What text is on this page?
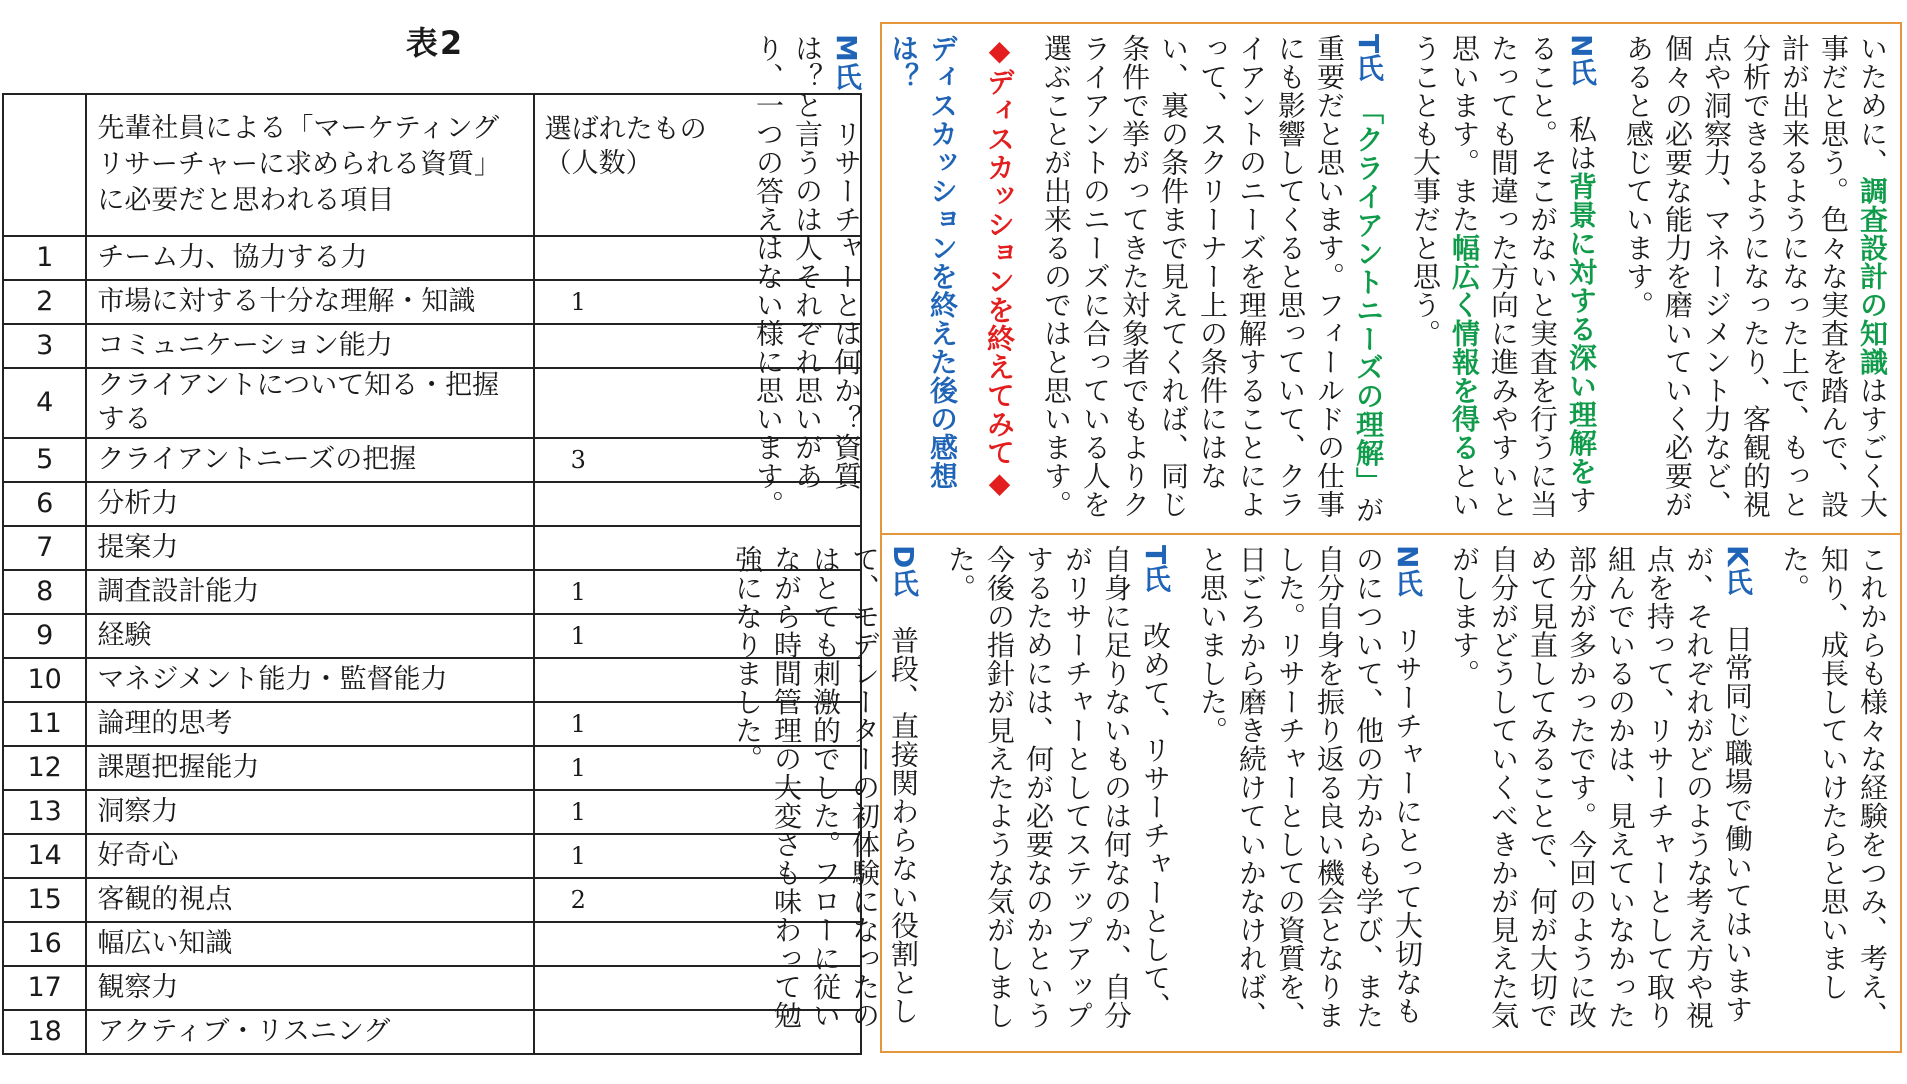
表2
	先輩社員による「マーケティングリサーチャーに求められる資質」に必要だと思われる項目	選ばれたもの
（人数）
1	チーム力、協力する力	
2	市場に対する十分な理解・知識	1
3	コミュニケーション能力	
4	クライアントについて知る・把握する	
5	クライアントニーズの把握	3
6	分析力	
7	提案力	
8	調査設計能力	1
9	経験	1
10	マネジメント能力・監督能力	
11	論理的思考	1
12	課題把握能力	1
13	洞察力	1
14	好奇心	1
15	客観的視点	2
16	幅広い知識	
17	観察力	
18	アクティブ・リスニング	

いために、調査設計の知識はすごく大事だと思う。色々な実査を踏んで、設計が出来るようになった上で、もっと分析できるようになったり、客観的視点や洞察力、マネージメント力など、個々の必要な能力を磨いていく必要があると感じています。

N氏　私は背景に対する深い理解をすること。そこがないと実査を行うに当たっても間違った方向に進みやすいと思います。また幅広く情報を得るということも大事だと思う。

T氏　「クライアントニーズの理解」が重要だと思います。フィールドの仕事にも影響してくると思っていて、クライアントのニーズを理解することによって、スクリーナー上の条件にはない、裏の条件まで見えてくれば、同じ条件で挙がってきた対象者でもよりクライアントのニーズに合っている人を選ぶことが出来るのではと思います。

◆ディスカッションを終えてみて◆

ディスカッションを終えた後の感想は？

M氏　リサーチャーとは何か？資質は？と言うのは人それぞれ思いがあり、一つの答えはない様に思います。

これからも様々な経験をつみ、考え、知り、成長していけたらと思いました。

K氏　日常同じ職場で働いてはいますが、それぞれがどのような考え方や視点を持って、リサーチャーとして取り組んでいるのかは、見えていなかった部分が多かったです。今回のように改めて見直してみることで、何が大切で自分がどうしていくべきかが見えた気がします。

N氏　リサーチャーにとって大切なものについて、他の方からも学び、また自分自身を振り返る良い機会となりました。リサーチャーとしての資質を、日ごろから磨き続けていかなければ、と思いました。

T氏　改めて、リサーチャーとして、自身に足りないものは何なのか、自分がリサーチャーとしてステップアップするためには、何が必要なのかという今後の指針が見えたような気がしました。

D氏　普段、直接関わらない役割として、モデレーターの初体験になったのはとても刺激的でした。フローに従いながら時間管理の大変さも味わって勉強になりました。
